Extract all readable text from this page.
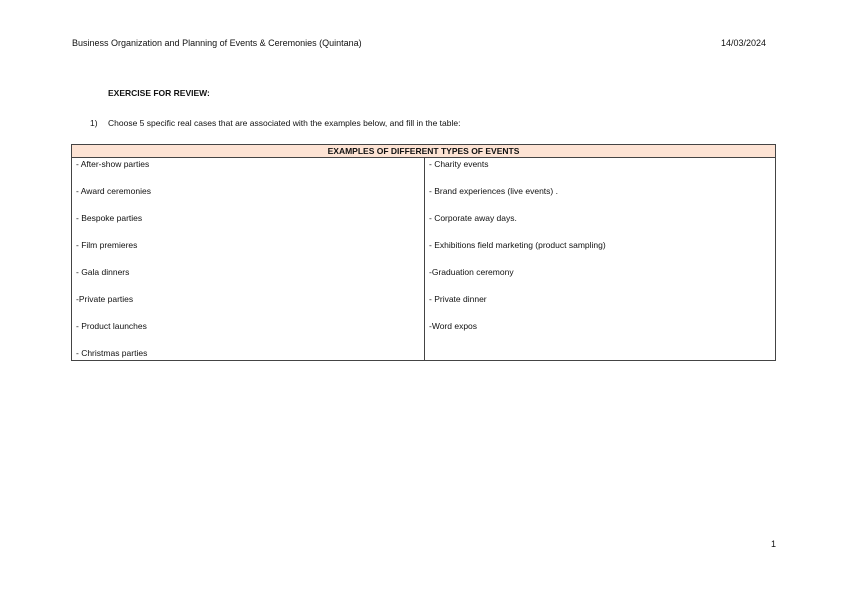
Business Organization and Planning of Events & Ceremonies (Quintana)	14/03/2024
EXERCISE FOR REVIEW:
1) Choose 5 specific real cases that are associated with the examples below, and fill in the table:
EXAMPLES OF DIFFERENT TYPES OF EVENTS	
- After-show parties	- Charity events
- Award ceremonies	- Brand experiences (live events) .
- Bespoke parties	- Corporate away days.
- Film premieres	- Exhibitions field marketing (product sampling)
- Gala dinners	-Graduation ceremony
-Private parties	- Private dinner
- Product launches	-Word expos
- Christmas parties	
1
